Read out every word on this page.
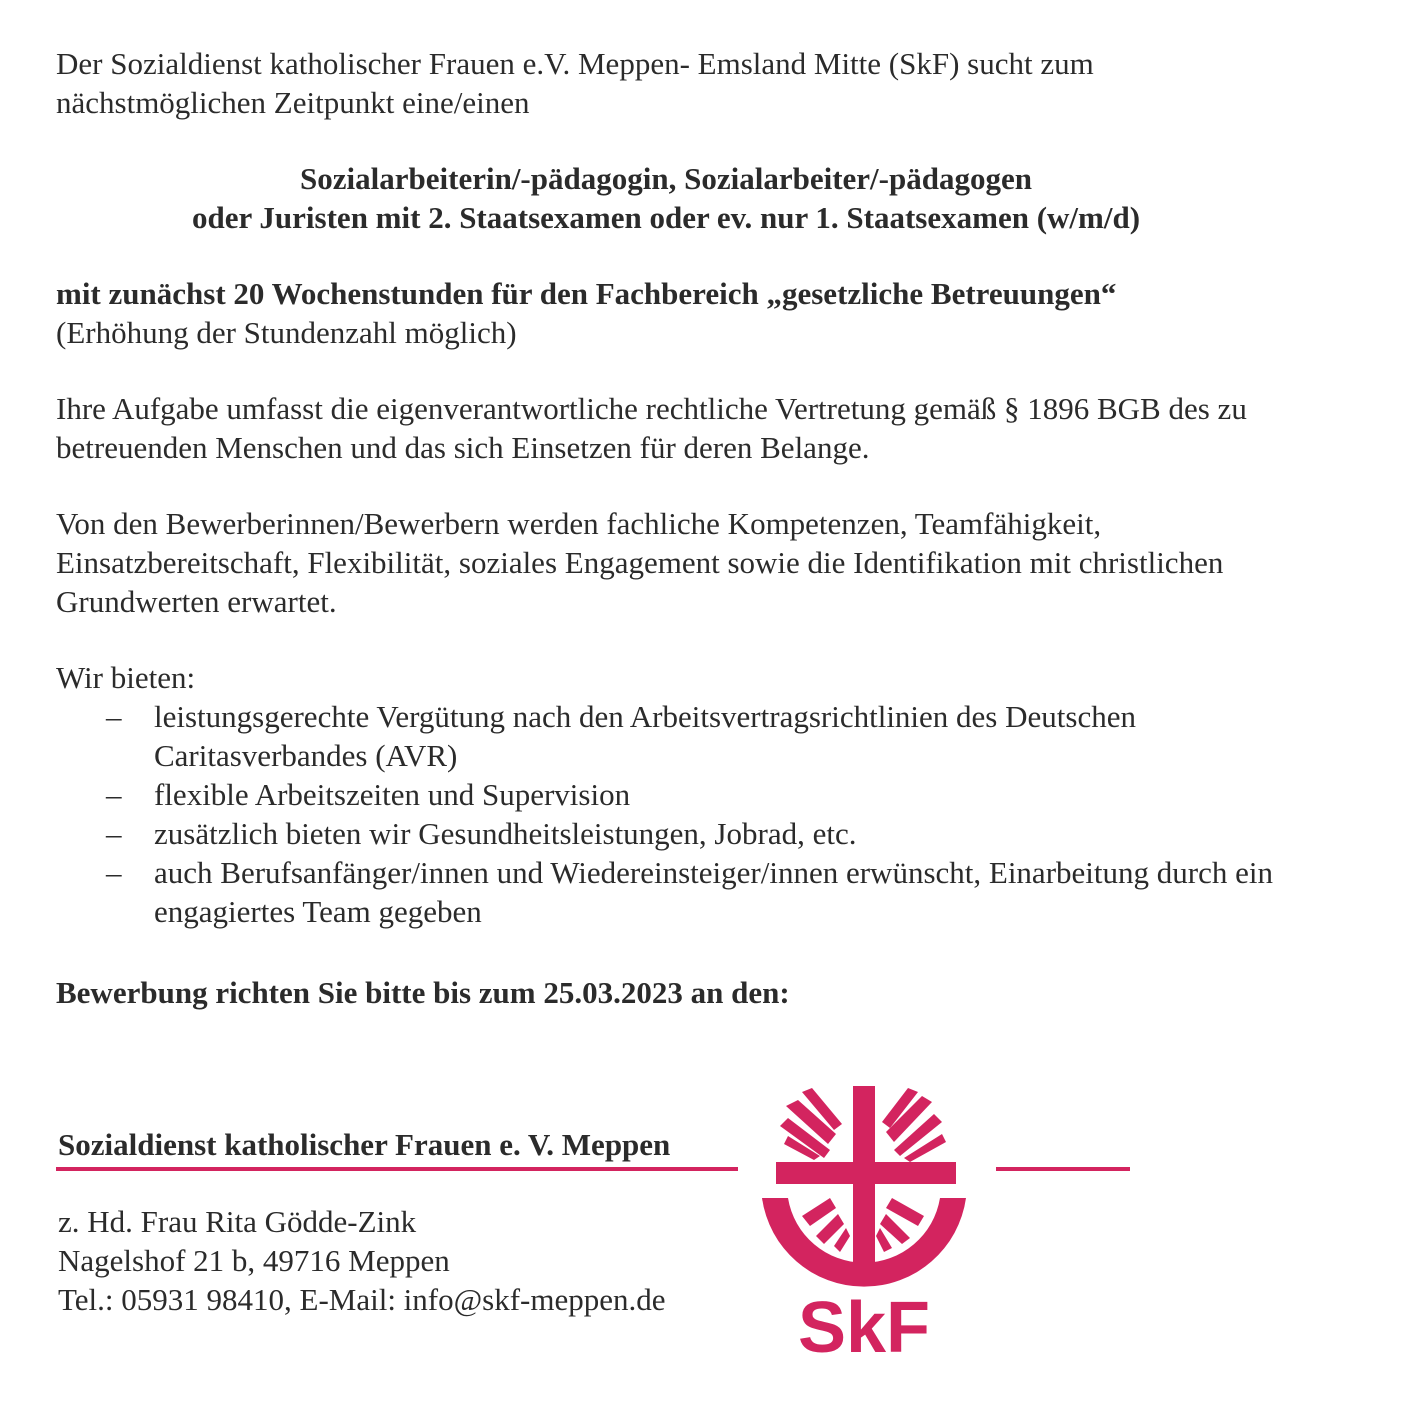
Der Sozialdienst katholischer Frauen e.V. Meppen- Emsland Mitte (SkF) sucht zum
nächstmöglichen Zeitpunkt eine/einen

Sozialarbeiterin/-pädagogin, Sozialarbeiter/-pädagogen
oder Juristen mit 2. Staatsexamen oder ev. nur 1. Staatsexamen (w/m/d)

mit zunächst 20 Wochenstunden für den Fachbereich „gesetzliche Betreuungen“
(Erhöhung der Stundenzahl möglich)

Ihre Aufgabe umfasst die eigenverantwortliche rechtliche Vertretung gemäß § 1896 BGB des zu
betreuenden Menschen und das sich Einsetzen für deren Belange.

Von den Bewerberinnen/Bewerbern werden fachliche Kompetenzen, Teamfähigkeit,
Einsatzbereitschaft, Flexibilität, soziales Engagement sowie die Identifikation mit christlichen
Grundwerten erwartet.

Wir bieten:
– leistungsgerechte Vergütung nach den Arbeitsvertragsrichtlinien des Deutschen
Caritasverbandes (AVR)
– flexible Arbeitszeiten und Supervision
– zusätzlich bieten wir Gesundheitsleistungen, Jobrad, etc.
– auch Berufsanfänger/innen und Wiedereinsteiger/innen erwünscht, Einarbeitung durch ein
engagiertes Team gegeben

Bewerbung richten Sie bitte bis zum 25.03.2023 an den:

Sozialdienst katholischer Frauen e. V. Meppen

z. Hd. Frau Rita Gödde-Zink
Nagelshof 21 b, 49716 Meppen
Tel.: 05931 98410, E-Mail: info@skf-meppen.de SkF
